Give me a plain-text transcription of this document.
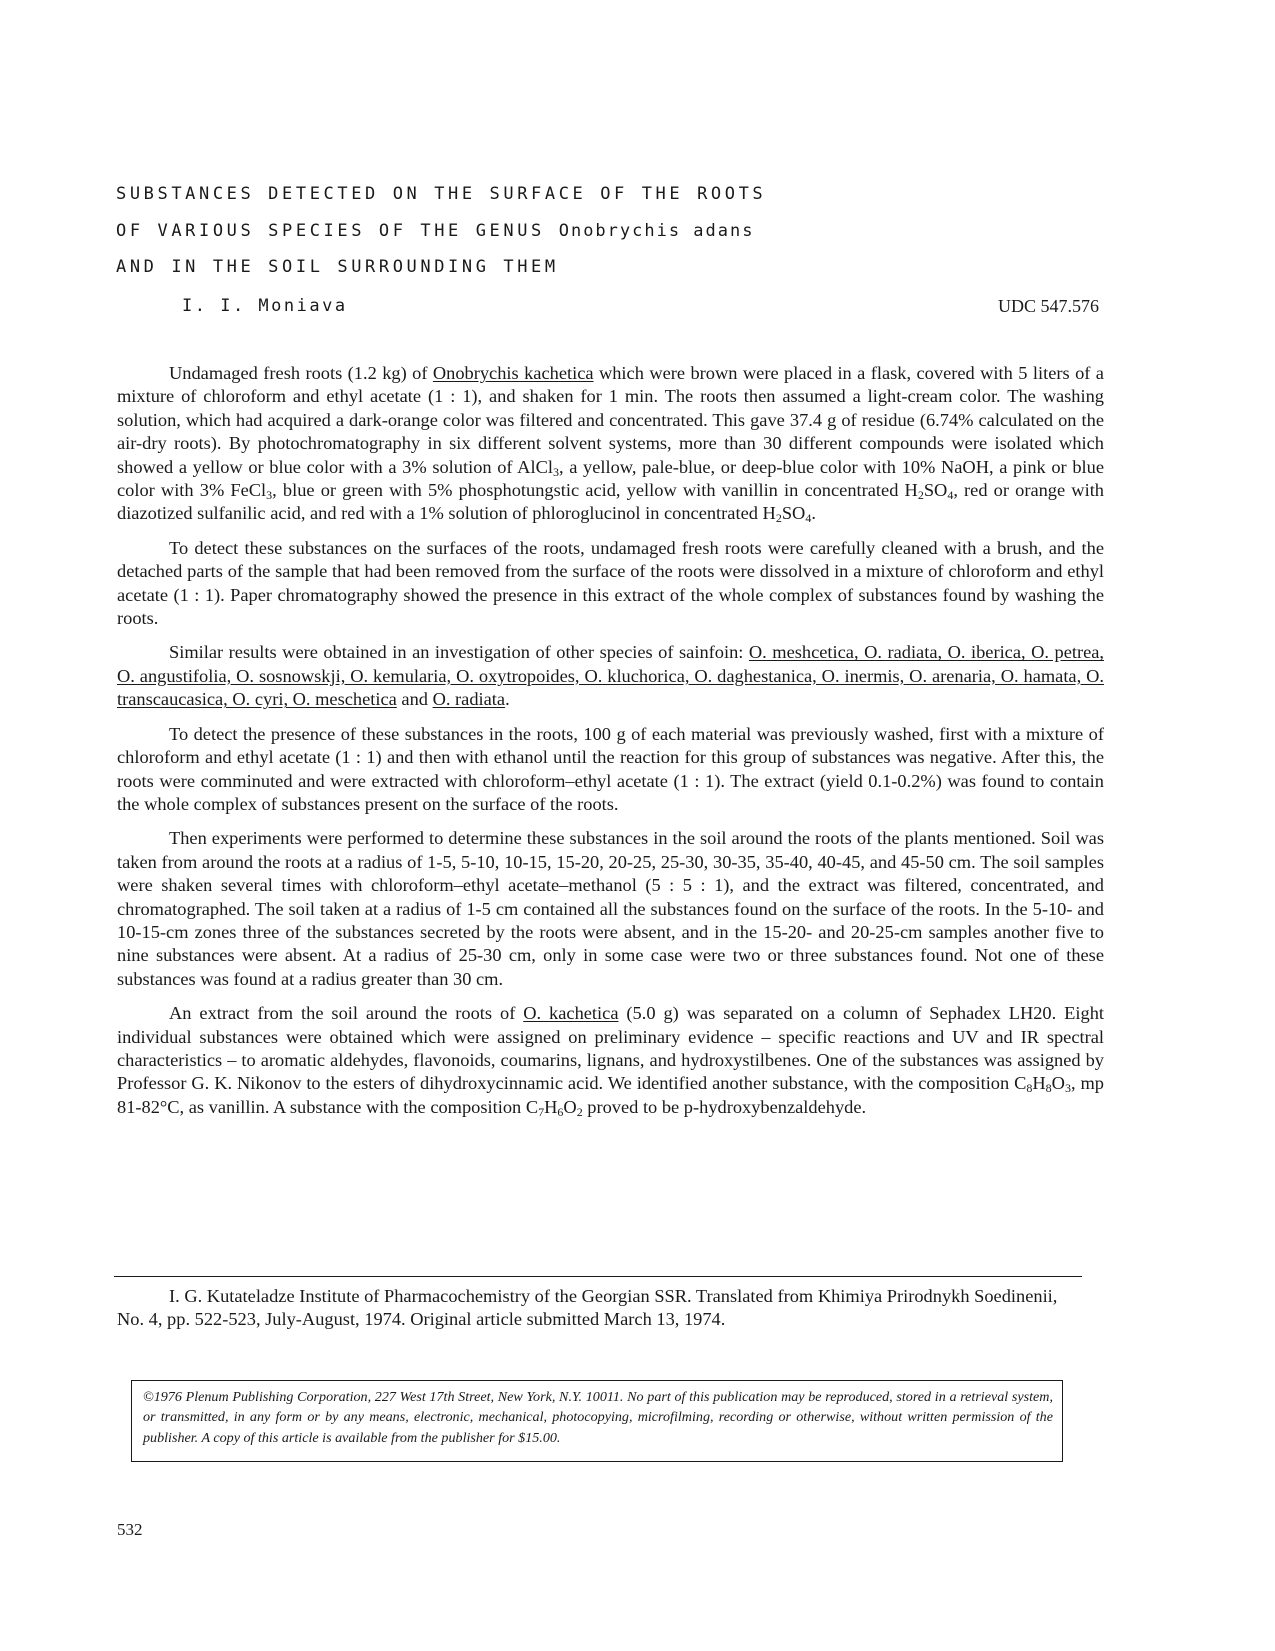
SUBSTANCES DETECTED ON THE SURFACE OF THE ROOTS
OF VARIOUS SPECIES OF THE GENUS Onobrychis adans
AND IN THE SOIL SURROUNDING THEM
I. I. Moniava	UDC 547.576

Undamaged fresh roots (1.2 kg) of Onobrychis kachetica which were brown were placed in a flask, covered with 5 liters of a mixture of chloroform and ethyl acetate (1 : 1), and shaken for 1 min. The roots then assumed a light-cream color. The washing solution, which had acquired a dark-orange color was filtered and concentrated. This gave 37.4 g of residue (6.74% calculated on the air-dry roots). By photochromatography in six different solvent systems, more than 30 different compounds were isolated which showed a yellow or blue color with a 3% solution of AlCl$_3$, a yellow, pale-blue, or deep-blue color with 10% NaOH, a pink or blue color with 3% FeCl$_3$, blue or green with 5% phosphotungstic acid, yellow with vanillin in concentrated $H_2SO_4$, red or orange with diazotized sulfanilic acid, and red with a 1% solution of phloroglucinol in concentrated $H_2SO_4$.

To detect these substances on the surfaces of the roots, undamaged fresh roots were carefully cleaned with a brush, and the detached parts of the sample that had been removed from the surface of the roots were dissolved in a mixture of chloroform and ethyl acetate (1 : 1). Paper chromatography showed the presence in this extract of the whole complex of substances found by washing the roots.

Similar results were obtained in an investigation of other species of sainfoin: O. meshcetica, O. radiata, O. iberica, O. petrea, O. angustifolia, O. sosnowskji, O. kemularia, O. oxytropoides, O. kluchorica, O. daghestanica, O. inermis, O. arenaria, O. hamata, O. transcaucasica, O. cyri, O. meschetica and O. radiata.

To detect the presence of these substances in the roots, 100 g of each material was previously washed, first with a mixture of chloroform and ethyl acetate (1 : 1) and then with ethanol until the reaction for this group of substances was negative. After this, the roots were comminuted and were extracted with chloroform–ethyl acetate (1 : 1). The extract (yield 0.1-0.2%) was found to contain the whole complex of substances present on the surface of the roots.

Then experiments were performed to determine these substances in the soil around the roots of the plants mentioned. Soil was taken from around the roots at a radius of 1-5, 5-10, 10-15, 15-20, 20-25, 25-30, 30-35, 35-40, 40-45, and 45-50 cm. The soil samples were shaken several times with chloroform–ethyl acetate–methanol (5 : 5 : 1), and the extract was filtered, concentrated, and chromatographed. The soil taken at a radius of 1-5 cm contained all the substances found on the surface of the roots. In the 5-10- and 10-15-cm zones three of the substances secreted by the roots were absent, and in the 15-20- and 20-25-cm samples another five to nine substances were absent. At a radius of 25-30 cm, only in some case were two or three substances found. Not one of these substances was found at a radius greater than 30 cm.

An extract from the soil around the roots of O. kachetica (5.0 g) was separated on a column of Sephadex LH20. Eight individual substances were obtained which were assigned on preliminary evidence – specific reactions and UV and IR spectral characteristics – to aromatic aldehydes, flavonoids, coumarins, lignans, and hydroxystilbenes. One of the substances was assigned by Professor G. K. Nikonov to the esters of dihydroxycinnamic acid. We identified another substance, with the composition $C_8H_8O_3$, mp 81-82°C, as vanillin. A substance with the composition $C_7H_6O_2$ proved to be p-hydroxybenzaldehyde.

I. G. Kutateladze Institute of Pharmacochemistry of the Georgian SSR. Translated from Khimiya Prirodnykh Soedinenii, No. 4, pp. 522-523, July-August, 1974. Original article submitted March 13, 1974.

©1976 Plenum Publishing Corporation, 227 West 17th Street, New York, N.Y. 10011. No part of this publication may be reproduced, stored in a retrieval system, or transmitted, in any form or by any means, electronic, mechanical, photocopying, microfilming, recording or otherwise, without written permission of the publisher. A copy of this article is available from the publisher for $15.00.

532
